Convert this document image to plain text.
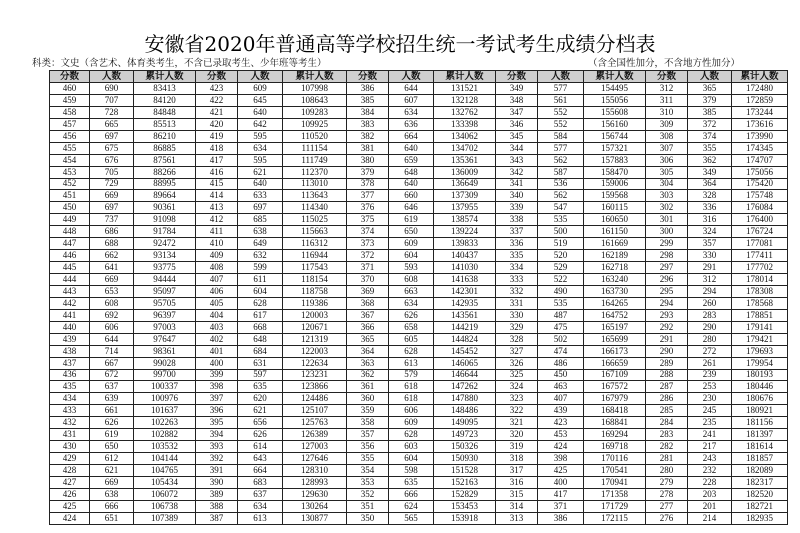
安徽省2020年普通高等学校招生统一考试考生成绩分档表
科类：文史（含艺术、体育类考生，不含已录取考生、少年班等考生）	（含全国性加分，不含地方性加分）
分数	人数	累计人数	分数	人数	累计人数	分数	人数	累计人数	分数	人数	累计人数	分数	人数	累计人数
460	690	83413	423	609	107998	386	644	131521	349	577	154495	312	365	172480
459	707	84120	422	645	108643	385	607	132128	348	561	155056	311	379	172859
458	728	84848	421	640	109283	384	634	132762	347	552	155608	310	385	173244
457	665	85513	420	642	109925	383	636	133398	346	552	156160	309	372	173616
456	697	86210	419	595	110520	382	664	134062	345	584	156744	308	374	173990
455	675	86885	418	634	111154	381	640	134702	344	577	157321	307	355	174345
454	676	87561	417	595	111749	380	659	135361	343	562	157883	306	362	174707
453	705	88266	416	621	112370	379	648	136009	342	587	158470	305	349	175056
452	729	88995	415	640	113010	378	640	136649	341	536	159006	304	364	175420
451	669	89664	414	633	113643	377	660	137309	340	562	159568	303	328	175748
450	697	90361	413	697	114340	376	646	137955	339	547	160115	302	336	176084
449	737	91098	412	685	115025	375	619	138574	338	535	160650	301	316	176400
448	686	91784	411	638	115663	374	650	139224	337	500	161150	300	324	176724
447	688	92472	410	649	116312	373	609	139833	336	519	161669	299	357	177081
446	662	93134	409	632	116944	372	604	140437	335	520	162189	298	330	177411
445	641	93775	408	599	117543	371	593	141030	334	529	162718	297	291	177702
444	669	94444	407	611	118154	370	608	141638	333	522	163240	296	312	178014
443	653	95097	406	604	118758	369	663	142301	332	490	163730	295	294	178308
442	608	95705	405	628	119386	368	634	142935	331	535	164265	294	260	178568
441	692	96397	404	617	120003	367	626	143561	330	487	164752	293	283	178851
440	606	97003	403	668	120671	366	658	144219	329	475	165197	292	290	179141
439	644	97647	402	648	121319	365	605	144824	328	502	165699	291	280	179421
438	714	98361	401	684	122003	364	628	145452	327	474	166173	290	272	179693
437	667	99028	400	631	122634	363	613	146065	326	486	166659	289	261	179954
436	672	99700	399	597	123231	362	579	146644	325	450	167109	288	239	180193
435	637	100337	398	635	123866	361	618	147262	324	463	167572	287	253	180446
434	639	100976	397	620	124486	360	618	147880	323	407	167979	286	230	180676
433	661	101637	396	621	125107	359	606	148486	322	439	168418	285	245	180921
432	626	102263	395	656	125763	358	609	149095	321	423	168841	284	235	181156
431	619	102882	394	626	126389	357	628	149723	320	453	169294	283	241	181397
430	650	103532	393	614	127003	356	603	150326	319	424	169718	282	217	181614
429	612	104144	392	643	127646	355	604	150930	318	398	170116	281	243	181857
428	621	104765	391	664	128310	354	598	151528	317	425	170541	280	232	182089
427	669	105434	390	683	128993	353	635	152163	316	400	170941	279	228	182317
426	638	106072	389	637	129630	352	666	152829	315	417	171358	278	203	182520
425	666	106738	388	634	130264	351	624	153453	314	371	171729	277	201	182721
424	651	107389	387	613	130877	350	565	153918	313	386	172115	276	214	182935
